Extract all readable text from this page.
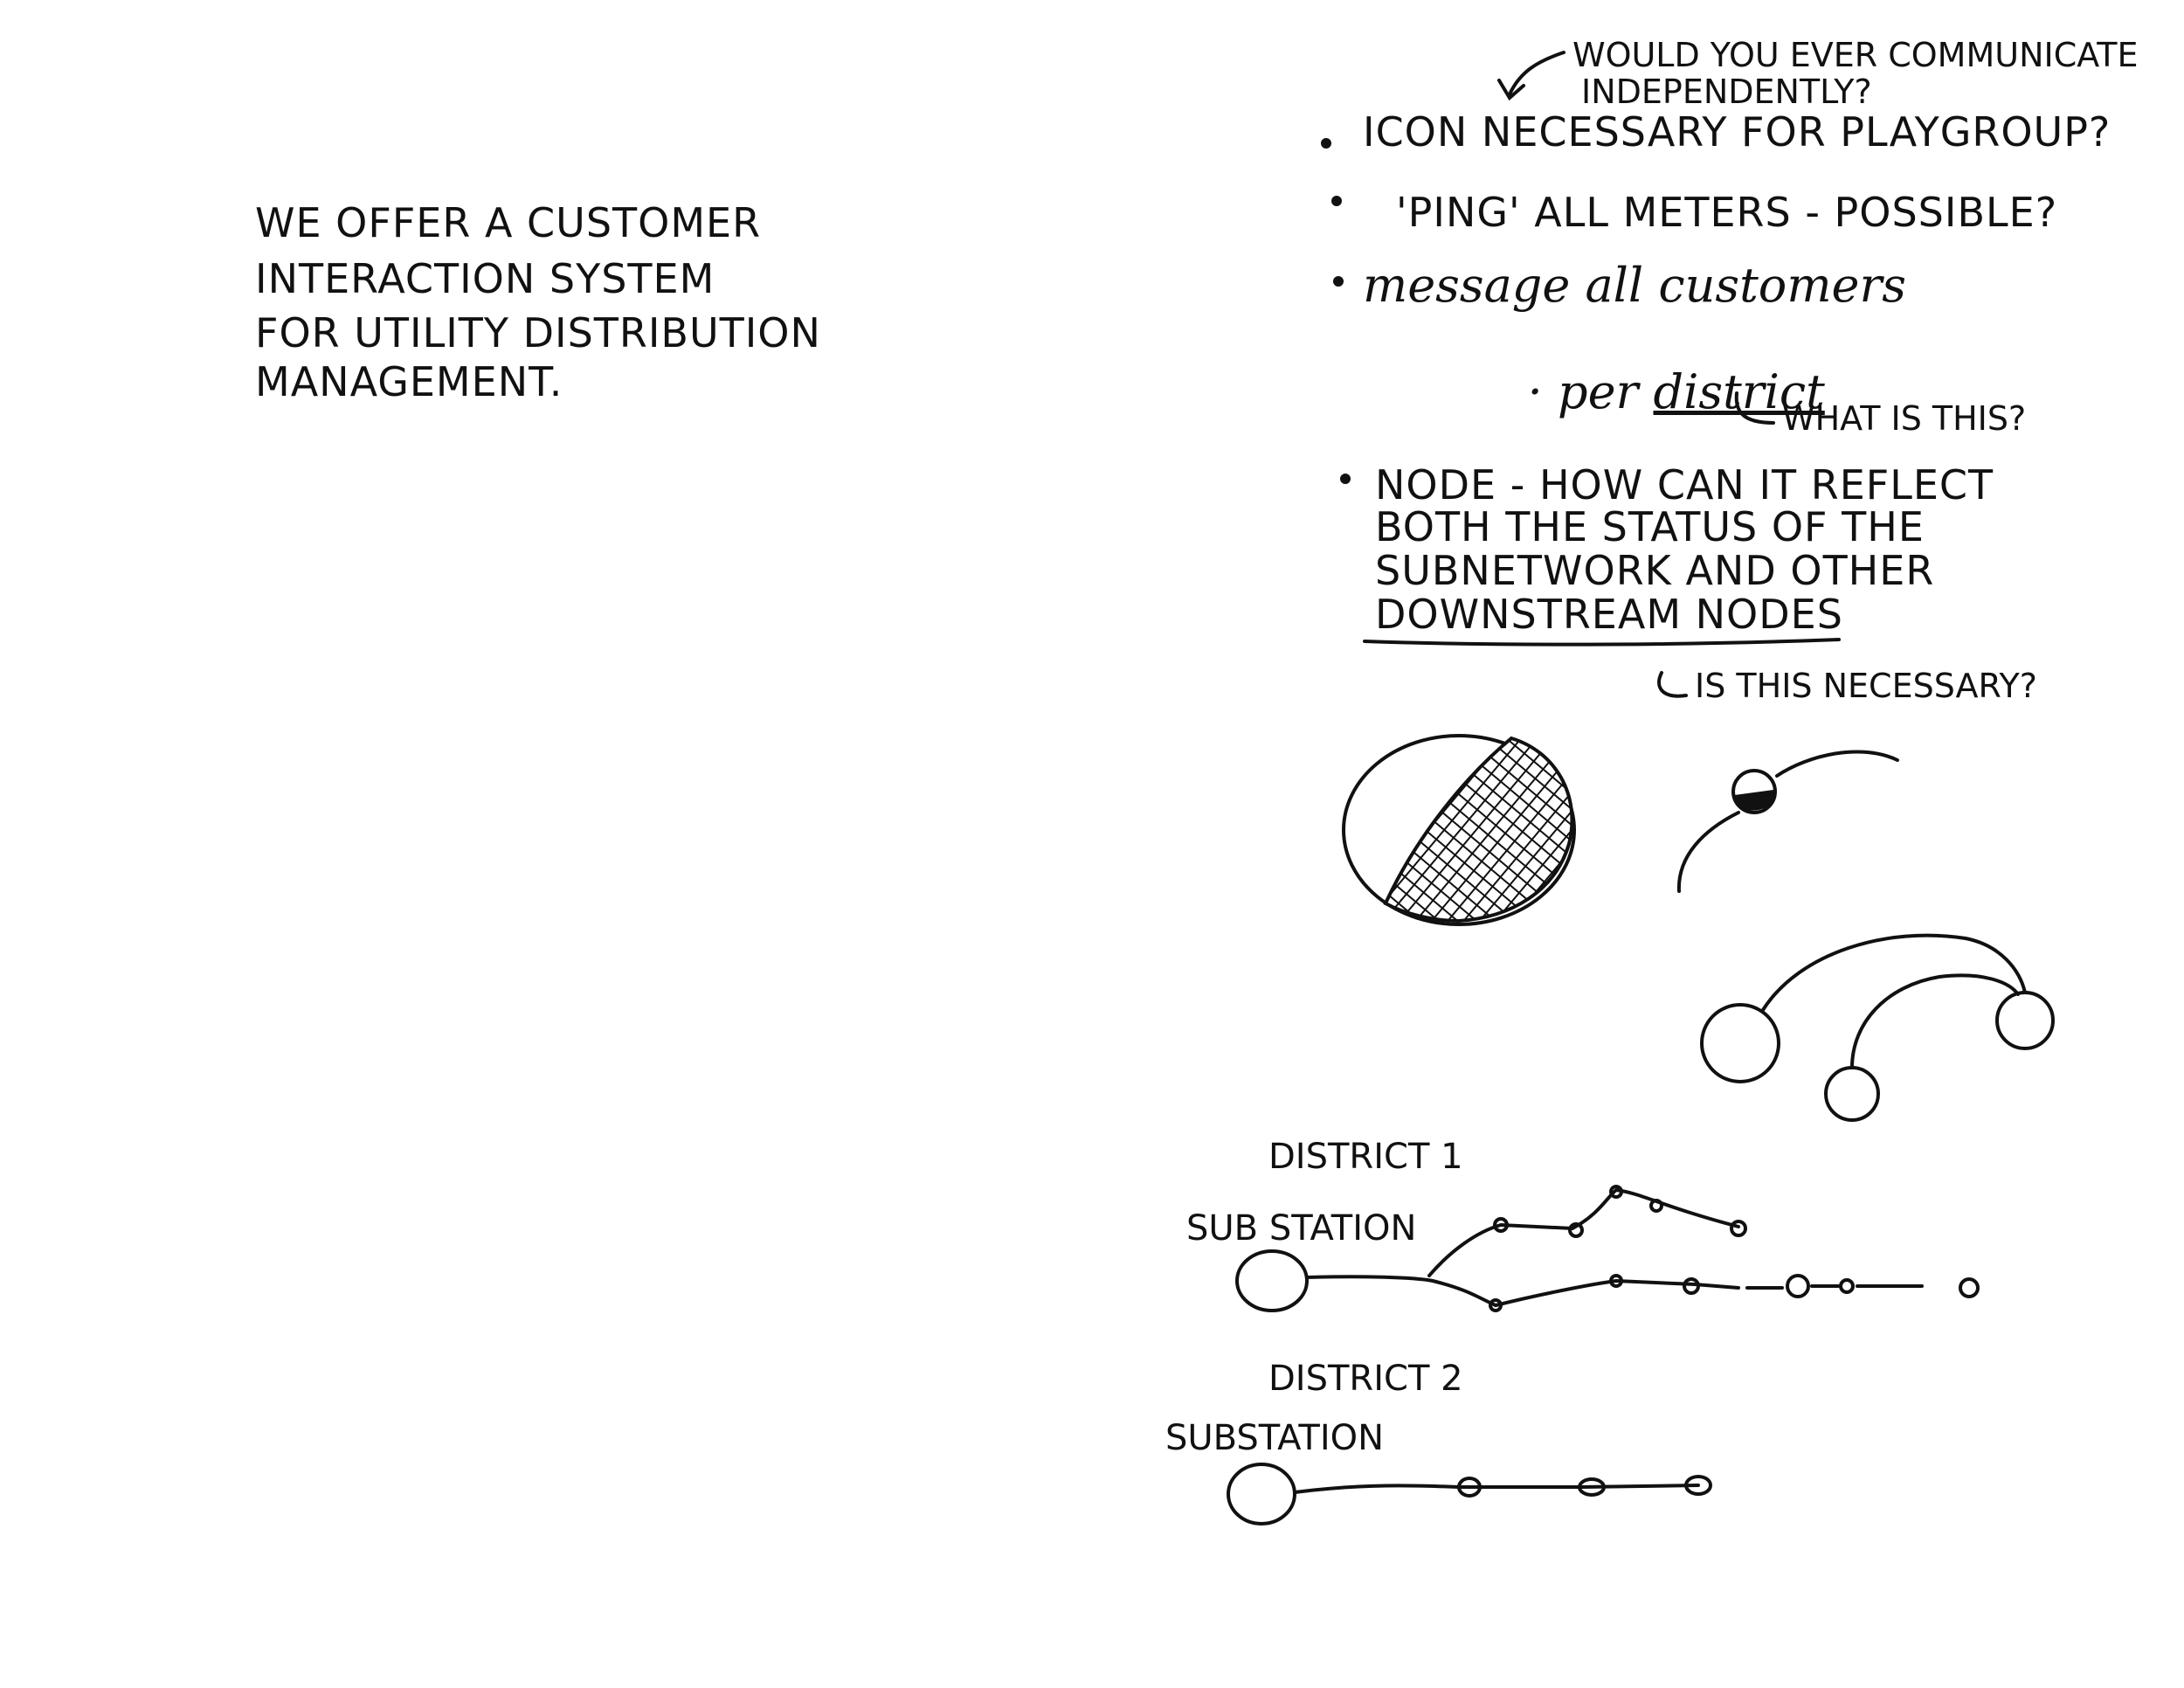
WE OFFER A CUSTOMER
INTERACTION SYSTEM
FOR UTILITY DISTRIBUTION
MANAGEMENT.
WOULD YOU EVER COMMUNICATE
INDEPENDENTLY?
ICON NECESSARY FOR PLAYGROUP?
'PING' ALL METERS - POSSIBLE?
message all customers

· per district

WHAT IS THIS?
NODE - HOW CAN IT REFLECT
BOTH THE STATUS OF THE
SUBNETWORK AND OTHER
DOWNSTREAM NODES
IS THIS NECESSARY?
DISTRICT 1
SUB STATION
DISTRICT 2
SUBSTATION
